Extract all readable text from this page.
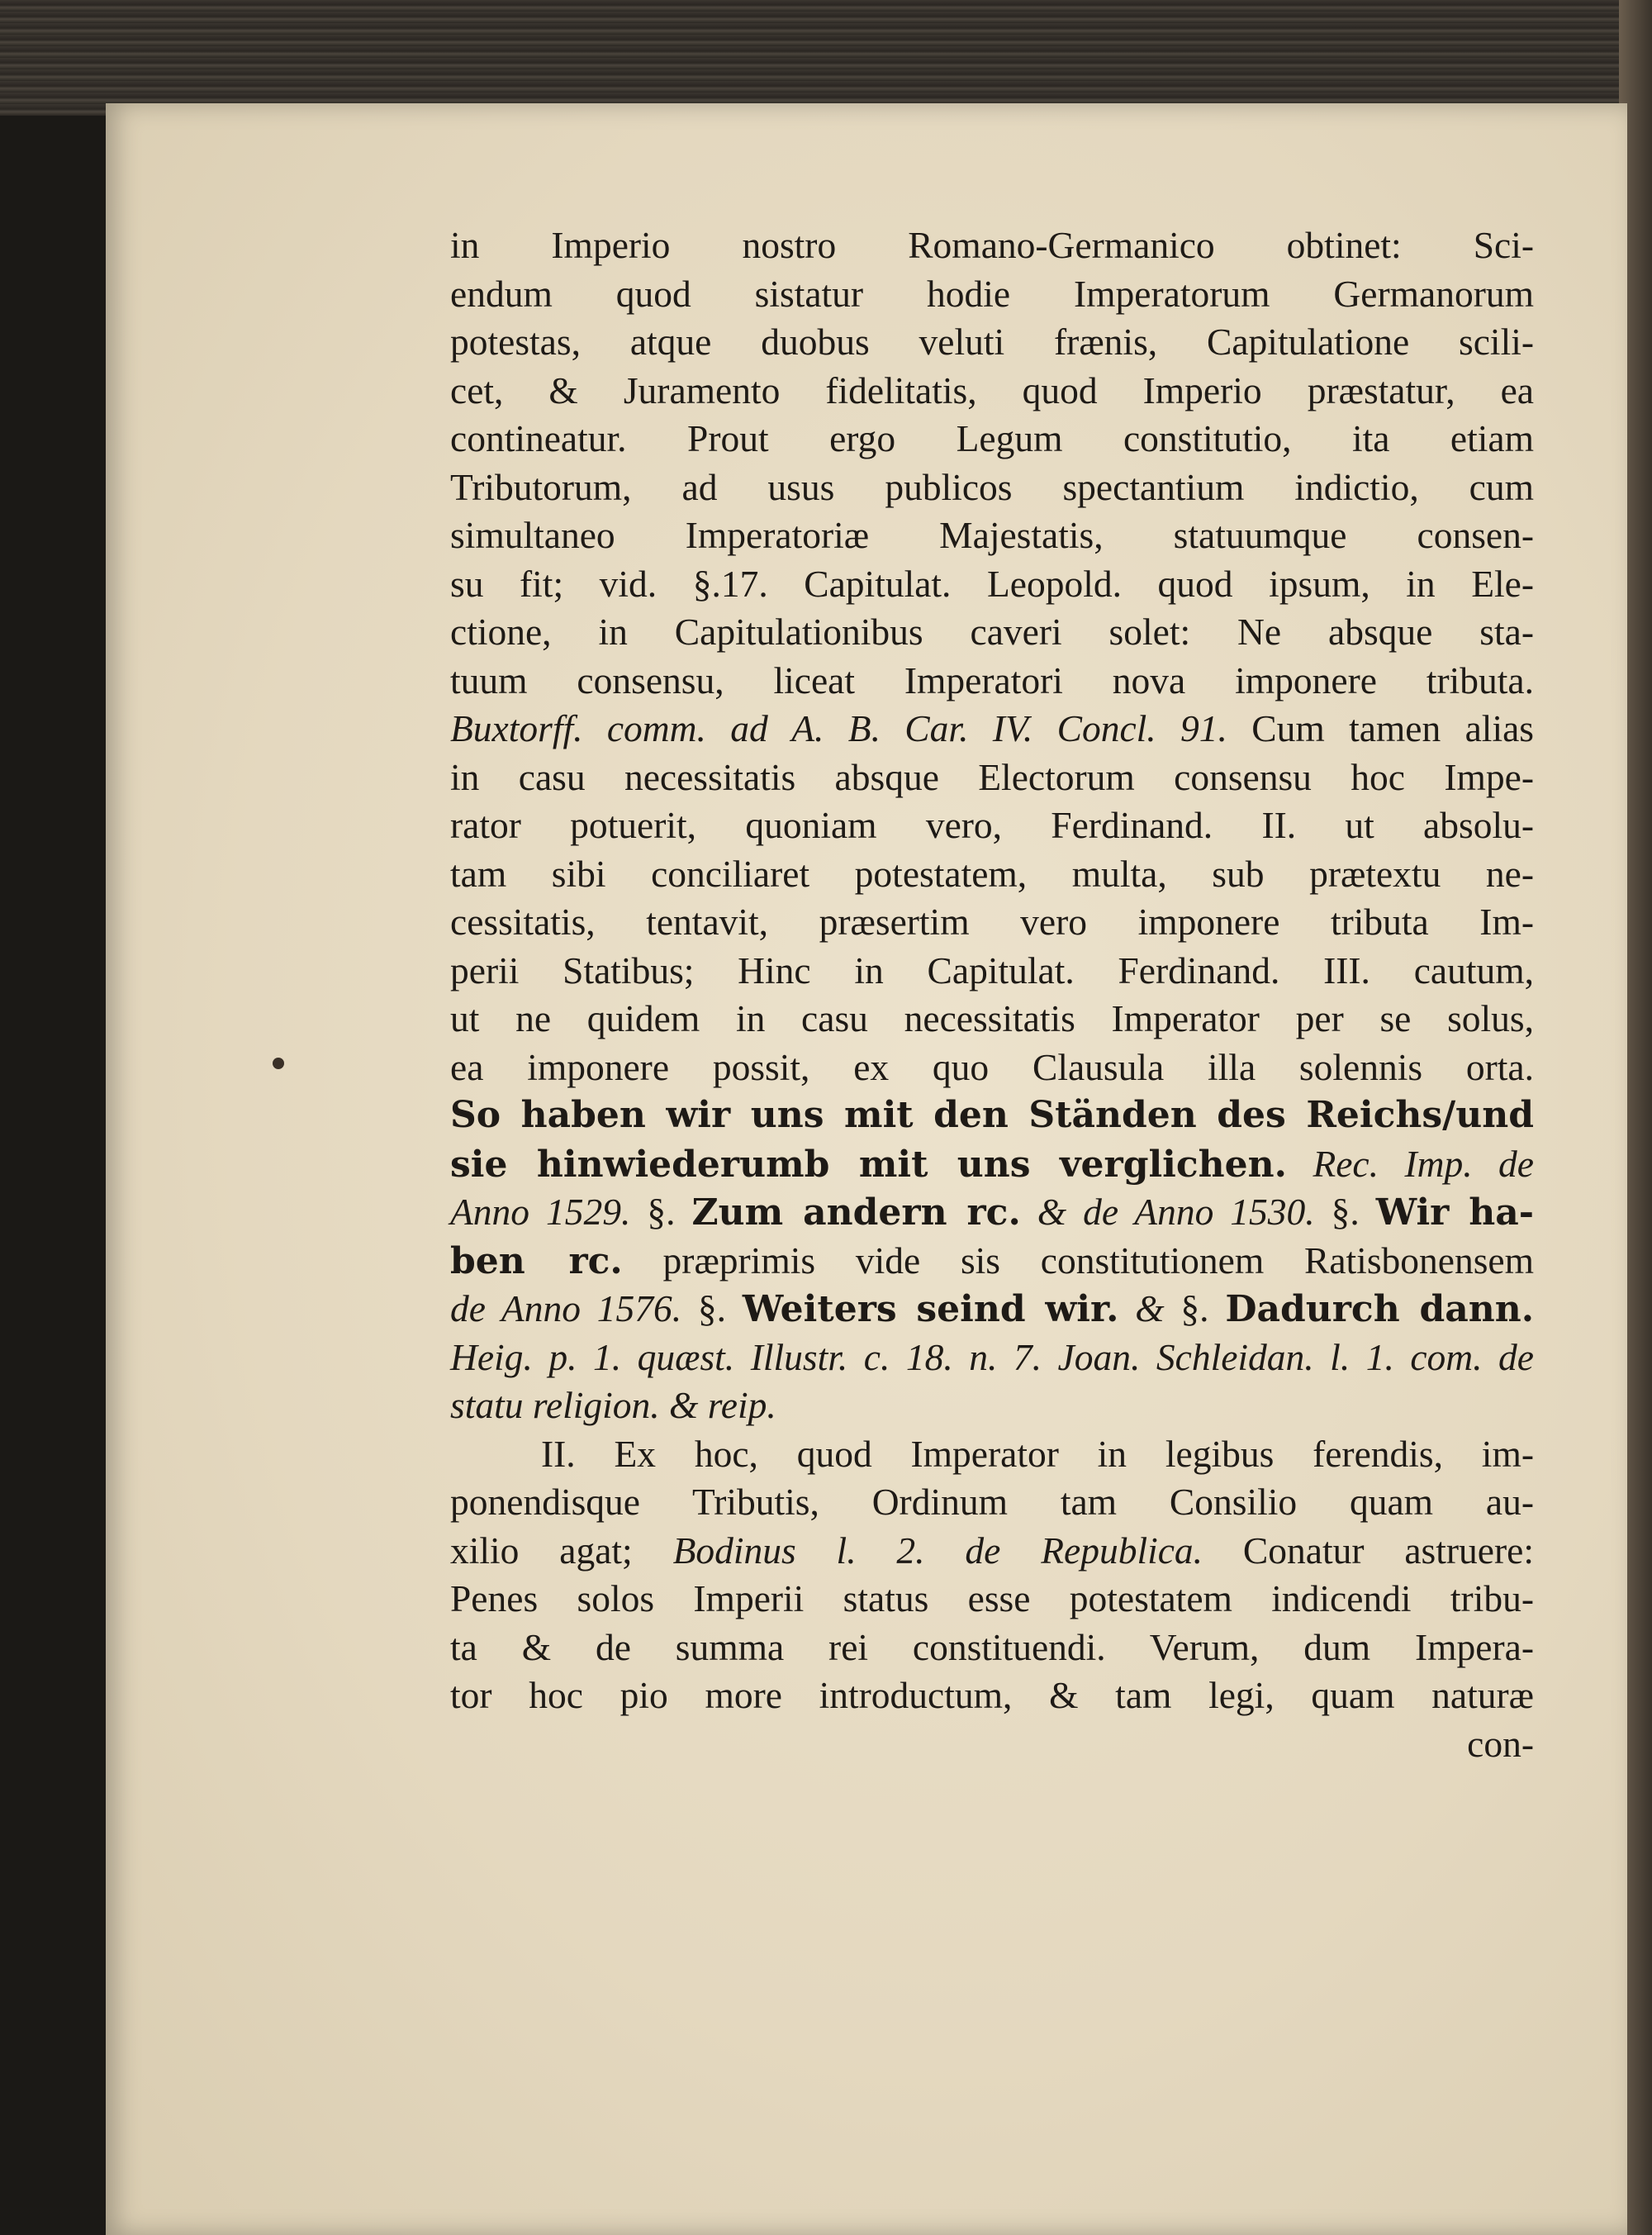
in Imperio nostro Romano-Germanico obtinet: Sci-
endum quod sistatur hodie Imperatorum Germanorum
potestas, atque duobus veluti frænis, Capitulatione scili-
cet, & Juramento fidelitatis, quod Imperio præstatur, ea
contineatur. Prout ergo Legum constitutio, ita etiam
Tributorum, ad usus publicos spectantium indictio, cum
simultaneo Imperatoriæ Majestatis, statuumque consen-
su fit; vid. §.17. Capitulat. Leopold. quod ipsum, in Ele-
ctione, in Capitulationibus caveri solet: Ne absque sta-
tuum consensu, liceat Imperatori nova imponere tributa.
Buxtorff. comm. ad A. B. Car. IV. Concl. 91. Cum tamen alias
in casu necessitatis absque Electorum consensu hoc Impe-
rator potuerit, quoniam vero, Ferdinand. II. ut absolu-
tam sibi conciliaret potestatem, multa, sub prætextu ne-
cessitatis, tentavit, præsertim vero imponere tributa Im-
perii Statibus; Hinc in Capitulat. Ferdinand. III. cautum,
ut ne quidem in casu necessitatis Imperator per se solus,
ea imponere possit, ex quo Clausula illa solennis orta.
So haben wir uns mit den Ständen des Reichs/und
sie hinwiederumb mit uns verglichen. Rec. Imp. de
Anno 1529. §. Zum andern rc. & de Anno 1530. §. Wir ha-
ben rc. præprimis vide sis constitutionem Ratisbonensem
de Anno 1576. §. Weiters seind wir. & §. Dadurch dann.
Heig. p. 1. quæst. Illustr. c. 18. n. 7. Joan. Schleidan. l. 1. com. de
statu religion. & reip.
II. Ex hoc, quod Imperator in legibus ferendis, im-
ponendisque Tributis, Ordinum tam Consilio quam au-
xilio agat; Bodinus l. 2. de Republica. Conatur astruere:
Penes solos Imperii status esse potestatem indicendi tribu-
ta & de summa rei constituendi. Verum, dum Impera-
tor hoc pio more introductum, & tam legi, quam naturæ
con-
